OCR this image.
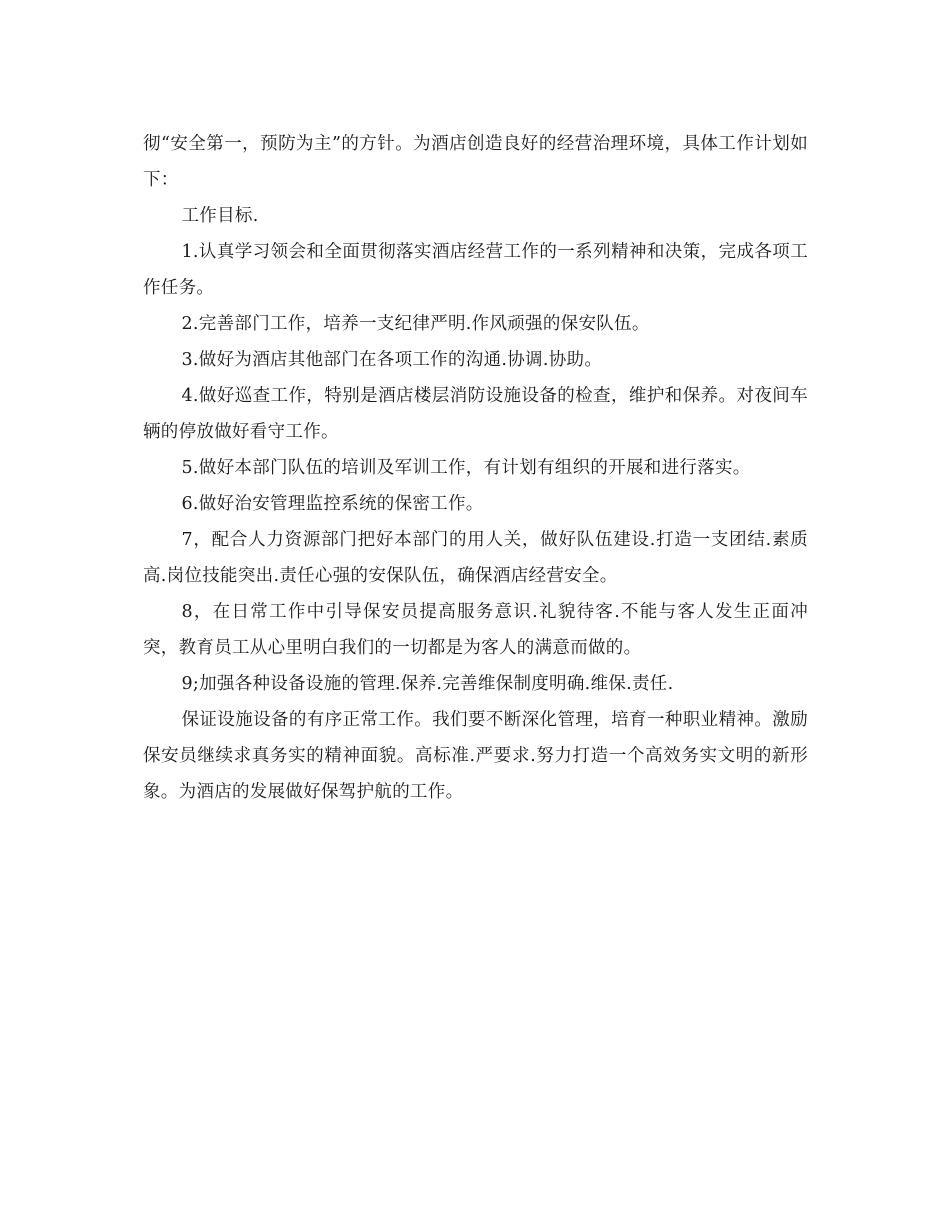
彻“安全第一，预防为主”的方针。为酒店创造良好的经营治理环境，具体工作计划如下：

工作目标.

1.认真学习领会和全面贯彻落实酒店经营工作的一系列精神和决策，完成各项工作任务。

2.完善部门工作，培养一支纪律严明.作风顽强的保安队伍。

3.做好为酒店其他部门在各项工作的沟通.协调.协助。

4.做好巡查工作，特别是酒店楼层消防设施设备的检查，维护和保养。对夜间车辆的停放做好看守工作。

5.做好本部门队伍的培训及军训工作，有计划有组织的开展和进行落实。

6.做好治安管理监控系统的保密工作。

7，配合人力资源部门把好本部门的用人关，做好队伍建设.打造一支团结.素质高.岗位技能突出.责任心强的安保队伍，确保酒店经营安全。

8，在日常工作中引导保安员提高服务意识.礼貌待客.不能与客人发生正面冲突，教育员工从心里明白我们的一切都是为客人的满意而做的。

9;加强各种设备设施的管理.保养.完善维保制度明确.维保.责任.

保证设施设备的有序正常工作。我们要不断深化管理，培育一种职业精神。激励保安员继续求真务实的精神面貌。高标准.严要求.努力打造一个高效务实文明的新形象。为酒店的发展做好保驾护航的工作。
